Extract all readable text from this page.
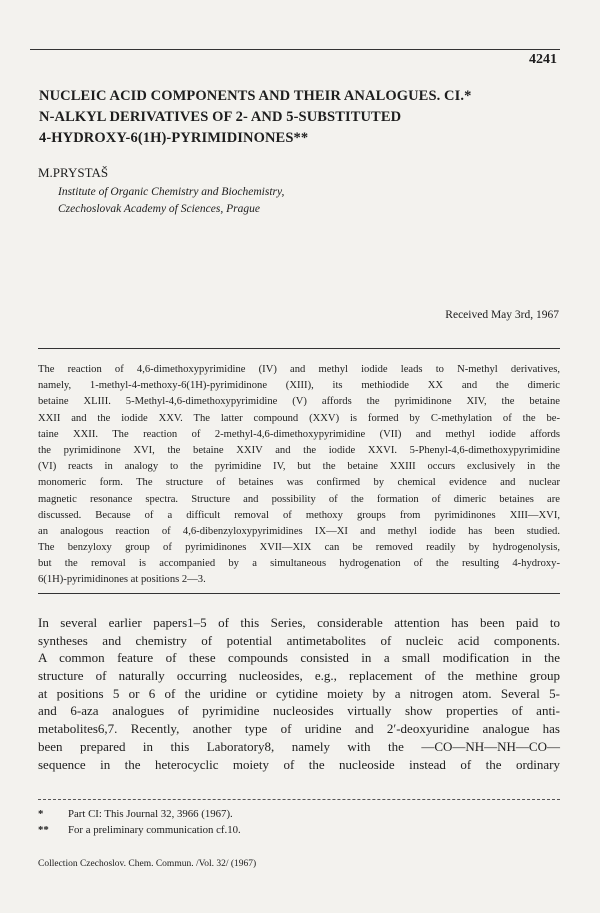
4241
NUCLEIC ACID COMPONENTS AND THEIR ANALOGUES. CI.*
N-ALKYL DERIVATIVES OF 2- AND 5-SUBSTITUTED
4-HYDROXY-6(1H)-PYRIMIDINONES**
M.PRYSTAŠ
Institute of Organic Chemistry and Biochemistry,
Czechoslovak Academy of Sciences, Prague
Received May 3rd, 1967
The reaction of 4,6-dimethoxypyrimidine (IV) and methyl iodide leads to N-methyl derivatives,
namely, 1-methyl-4-methoxy-6(1H)-pyrimidinone (XIII), its methiodide XX and the dimeric
betaine XLIII. 5-Methyl-4,6-dimethoxypyrimidine (V) affords the pyrimidinone XIV, the betaine
XXII and the iodide XXV. The latter compound (XXV) is formed by C-methylation of the be-
taine XXII. The reaction of 2-methyl-4,6-dimethoxypyrimidine (VII) and methyl iodide affords
the pyrimidinone XVI, the betaine XXIV and the iodide XXVI. 5-Phenyl-4,6-dimethoxypyrimidine
(VI) reacts in analogy to the pyrimidine IV, but the betaine XXIII occurs exclusively in the
monomeric form. The structure of betaines was confirmed by chemical evidence and nuclear
magnetic resonance spectra. Structure and possibility of the formation of dimeric betaines are
discussed. Because of a difficult removal of methoxy groups from pyrimidinones XIII—XVI,
an analogous reaction of 4,6-dibenzyloxypyrimidines IX—XI and methyl iodide has been studied.
The benzyloxy group of pyrimidinones XVII—XIX can be removed readily by hydrogenolysis,
but the removal is accompanied by a simultaneous hydrogenation of the resulting 4-hydroxy-
6(1H)-pyrimidinones at positions 2—3.
In several earlier papers1–5 of this Series, considerable attention has been paid to
syntheses and chemistry of potential antimetabolites of nucleic acid components.
A common feature of these compounds consisted in a small modification in the
structure of naturally occurring nucleosides, e.g., replacement of the methine group
at positions 5 or 6 of the uridine or cytidine moiety by a nitrogen atom. Several 5-
and 6-aza analogues of pyrimidine nucleosides virtually show properties of anti-
metabolites6,7. Recently, another type of uridine and 2′-deoxyuridine analogue has
been prepared in this Laboratory8, namely with the —CO—NH—NH—CO—
sequence in the heterocyclic moiety of the nucleoside instead of the ordinary
* Part CI: This Journal 32, 3966 (1967).
** For a preliminary communication cf.10.
Collection Czechoslov. Chem. Commun. /Vol. 32/ (1967)
